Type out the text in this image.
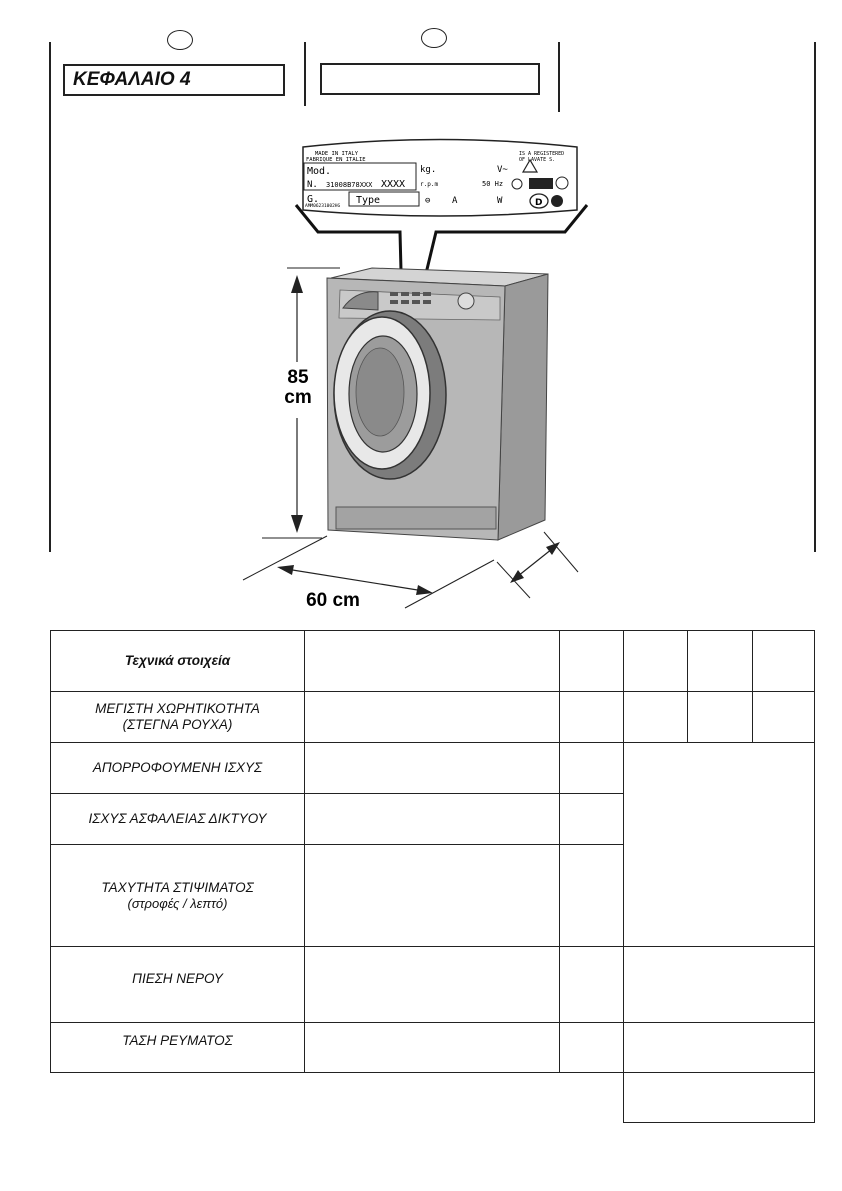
ΚΕΦΑΛΑΙΟ 4
MADE IN ITALY
FABRIQUE EN ITALIE
IS A REGISTERED
OF LAVATE S.
Mod.
N. 31008B78XXX XXXX
G.	Type
kg.
r.p.m
⊖ A
V~
50 Hz
W	D
AMM06231002HG
85
cm
60 cm
Τεχνικά στοιχεία
ΜΕΓΙΣΤΗ ΧΩΡΗΤΙΚΟΤΗΤΑ
(ΣΤΕΓΝΑ ΡΟΥΧΑ)
ΑΠΟΡΡΟΦΟΥΜΕΝΗ ΙΣΧΥΣ
ΙΣΧΥΣ ΑΣΦΑΛΕΙΑΣ ΔΙΚΤΥΟΥ
ΤΑΧΥΤΗΤΑ ΣΤΙΨΙΜΑΤΟΣ
(στροφές / λεπτό)
ΠΙΕΣΗ ΝΕΡΟΥ
ΤΑΣΗ ΡΕΥΜΑΤΟΣ
